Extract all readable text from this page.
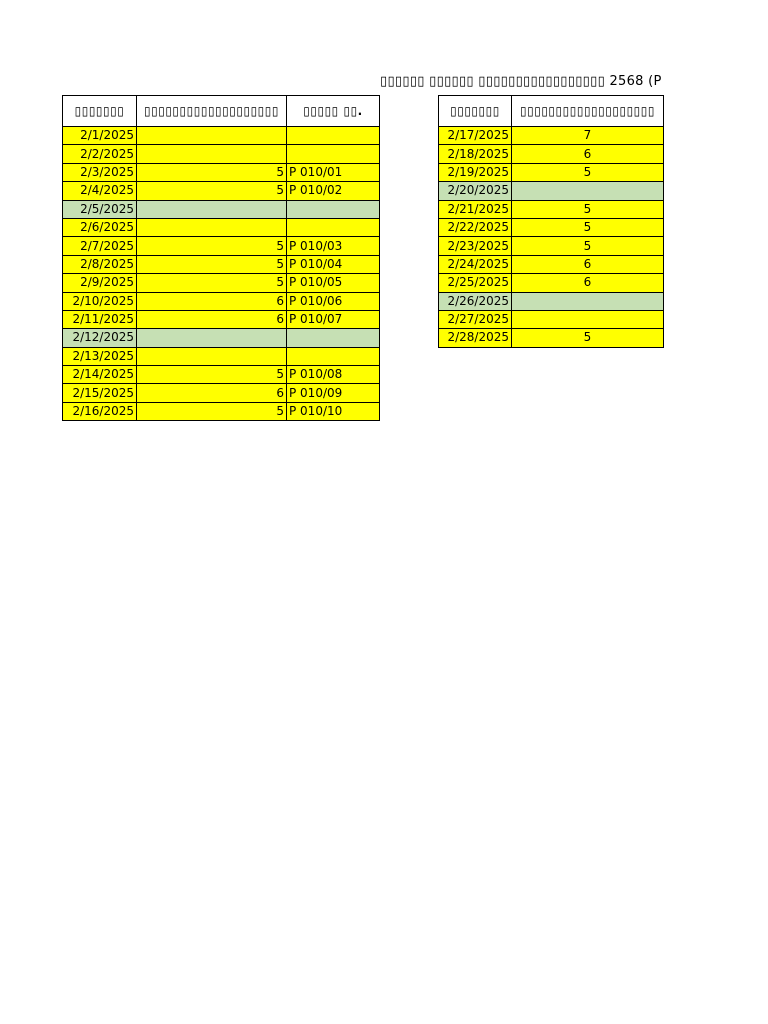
▯▯▯▯▯▯ ▯▯▯▯▯▯ ▯▯▯▯▯▯▯▯▯▯▯▯▯▯▯▯▯ 2568 (P
▯▯▯▯▯▯▯	▯▯▯▯▯▯▯▯▯▯▯▯▯▯▯▯▯▯▯	▯▯▯▯▯ ▯▯.
2/1/2025		
2/2/2025		
2/3/2025	5	P 010/01
2/4/2025	5	P 010/02
2/5/2025		
2/6/2025		
2/7/2025	5	P 010/03
2/8/2025	5	P 010/04
2/9/2025	5	P 010/05
2/10/2025	6	P 010/06
2/11/2025	6	P 010/07
2/12/2025		
2/13/2025		
2/14/2025	5	P 010/08
2/15/2025	6	P 010/09
2/16/2025	5	P 010/10
▯▯▯▯▯▯▯	▯▯▯▯▯▯▯▯▯▯▯▯▯▯▯▯▯▯▯
2/17/2025	7
2/18/2025	6
2/19/2025	5
2/20/2025	
2/21/2025	5
2/22/2025	5
2/23/2025	5
2/24/2025	6
2/25/2025	6
2/26/2025	
2/27/2025	
2/28/2025	5
